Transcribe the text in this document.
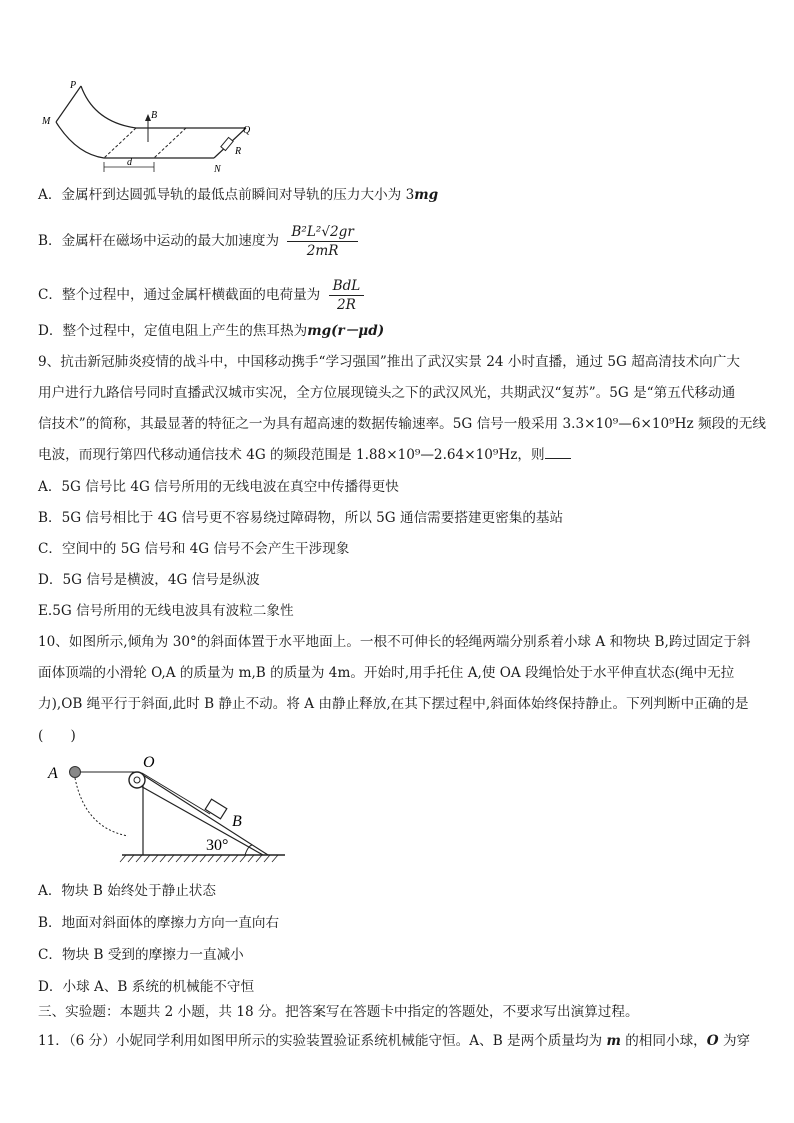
P
M
B
Q
R
N
d
A．金属杆到达圆弧导轨的最低点前瞬间对导轨的压力大小为 3mg
B．金属杆在磁场中运动的最大加速度为 $\frac{\text{B²L²√2gr}}{2mR}$
C．整个过程中，通过金属杆横截面的电荷量为 $\frac{\text{BdL}}{2R}$
D．整个过程中，定值电阻上产生的焦耳热为mg(r－μd)
9、抗击新冠肺炎疫情的战斗中，中国移动携手“学习强国”推出了武汉实景 24 小时直播，通过 5G 超高清技术向广大
用户进行九路信号同时直播武汉城市实况，全方位展现镜头之下的武汉风光，共期武汉“复苏”。5G 是“第五代移动通
信技术”的简称，其最显著的特征之一为具有超高速的数据传输速率。5G 信号一般采用 3.3×10⁹—6×10⁹Hz 频段的无线
电波，而现行第四代移动通信技术 4G 的频段范围是 1.88×10⁹—2.64×10⁹Hz，则
A．5G 信号比 4G 信号所用的无线电波在真空中传播得更快
B．5G 信号相比于 4G 信号更不容易绕过障碍物，所以 5G 通信需要搭建更密集的基站
C．空间中的 5G 信号和 4G 信号不会产生干涉现象
D．5G 信号是横波，4G 信号是纵波
E.5G 信号所用的无线电波具有波粒二象性
10、如图所示,倾角为 30°的斜面体置于水平地面上。一根不可伸长的轻绳两端分别系着小球 A 和物块 B,跨过固定于斜
面体顶端的小滑轮 O,A 的质量为 m,B 的质量为 4m。开始时,用手托住 A,使 OA 段绳恰处于水平伸直状态(绳中无拉
力),OB 绳平行于斜面,此时 B 静止不动。将 A 由静止释放,在其下摆过程中,斜面体始终保持静止。下列判断中正确的是
(　　)
A
O
B
30°
A．物块 B 始终处于静止状态
B．地面对斜面体的摩擦力方向一直向右
C．物块 B 受到的摩擦力一直减小
D．小球 A、B 系统的机械能不守恒
三、实验题：本题共 2 小题，共 18 分。把答案写在答题卡中指定的答题处，不要求写出演算过程。
11．（6 分）小妮同学利用如图甲所示的实验装置验证系统机械能守恒。A、B 是两个质量均为 m 的相同小球，O 为穿
